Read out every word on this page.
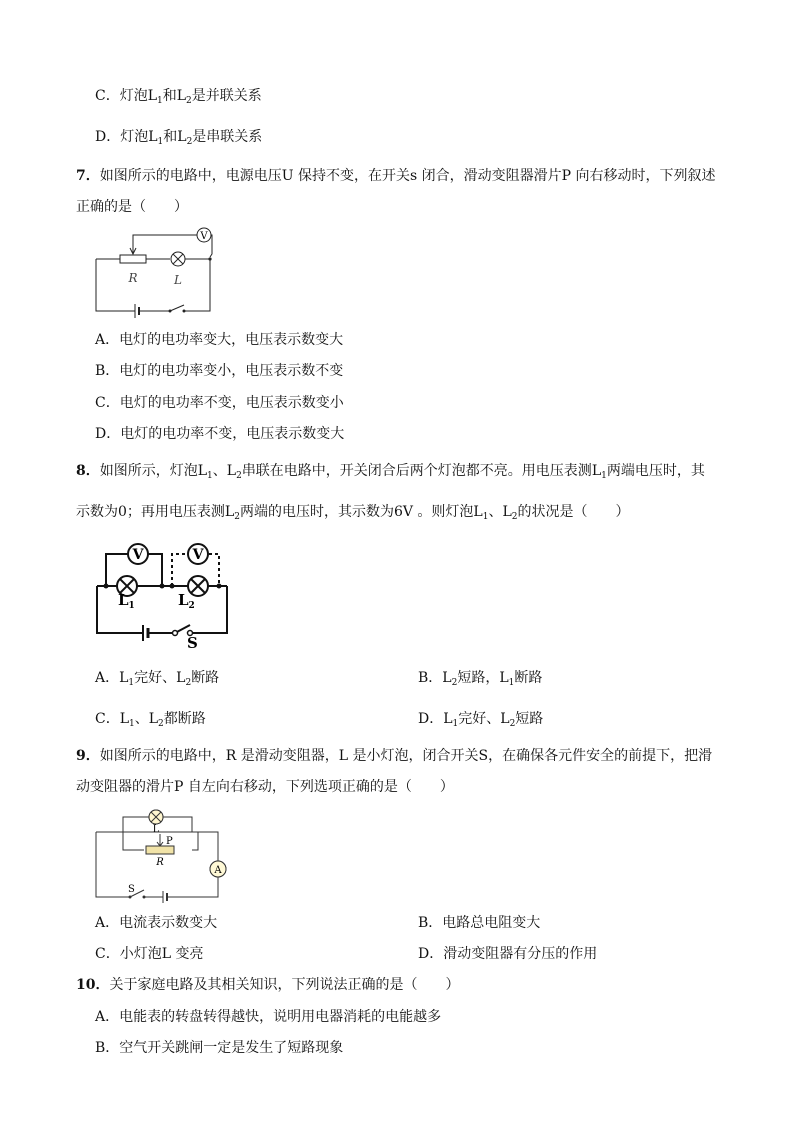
C．灯泡$L_1$和$L_2$是并联关系
D．灯泡$L_1$和$L_2$是串联关系
7．如图所示的电路中，电源电压U 保持不变，在开关s 闭合，滑动变阻器滑片P 向右移动时，下列叙述
正确的是（　　）
V
R	L
A．电灯的电功率变大，电压表示数变大
B．电灯的电功率变小，电压表示数不变
C．电灯的电功率不变，电压表示数变小
D．电灯的电功率不变，电压表示数变大
8．如图所示，灯泡$L_1$、$L_2$串联在电路中，开关闭合后两个灯泡都不亮。用电压表测$L_1$两端电压时，其
示数为0；再用电压表测$L_2$两端的电压时，其示数为6V 。则灯泡$L_1$、$L_2$的状况是（　　）
V	V
$L_1$	$L_2$
S
A．$L_1$完好、$L_2$断路	B．$L_2$短路，$L_1$断路
C．$L_1$、$L_2$都断路	D．$L_1$完好、$L_2$短路
9．如图所示的电路中，R 是滑动变阻器，L 是小灯泡，闭合开关S，在确保各元件安全的前提下，把滑
动变阻器的滑片P 自左向右移动，下列选项正确的是（　　）
L
P
R
A
S
A．电流表示数变大	B．电路总电阻变大
C．小灯泡L 变亮	D．滑动变阻器有分压的作用
10．关于家庭电路及其相关知识，下列说法正确的是（　　）
A．电能表的转盘转得越快，说明用电器消耗的电能越多
B．空气开关跳闸一定是发生了短路现象
